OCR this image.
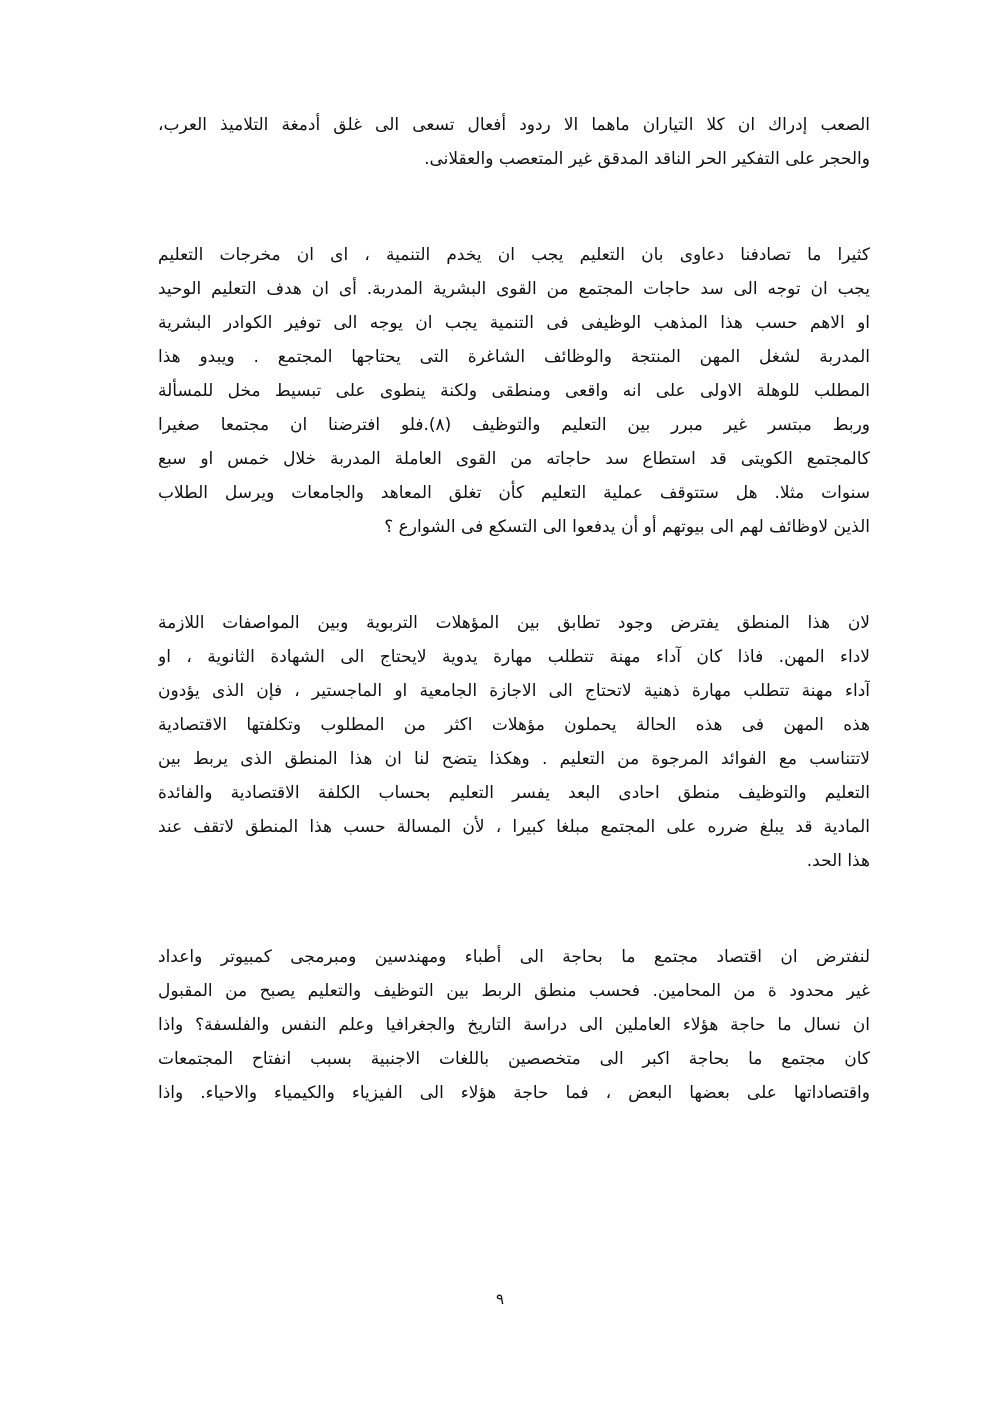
الصعب إدراك ان كلا التياران ماهما الا ردود أفعال تسعى الى غلق أدمغة التلاميذ العرب،
والحجر على التفكير الحر الناقد المدقق غير المتعصب والعقلانى.
كثيرا ما تصادفنا دعاوى بان التعليم يجب ان يخدم التنمية ، اى ان مخرجات التعليم
يجب ان توجه الى سد حاجات المجتمع من القوى البشرية المدربة. أى ان هدف التعليم الوحيد
او الاهم حسب هذا المذهب الوظيفى فى التنمية يجب ان يوجه الى توفير الكوادر البشرية
المدربة لشغل المهن المنتجة والوظائف الشاغرة التى يحتاجها المجتمع . ويبدو هذا
المطلب للوهلة الاولى على انه واقعى ومنطقى ولكنة ينطوى على تبسيط مخل للمسألة
وربط مبتسر غير مبرر بين التعليم والتوظيف (٨).فلو افترضنا ان مجتمعا صغيرا
كالمجتمع الكويتى قد استطاع سد حاجاته من القوى العاملة المدربة خلال خمس او سبع
سنوات مثلا. هل ستتوقف عملية التعليم كأن تغلق المعاهد والجامعات ويرسل الطلاب
الذين لاوظائف لهم الى بيوتهم أو أن يدفعوا الى التسكع فى الشوارع ؟
لان هذا المنطق يفترض وجود تطابق بين المؤهلات التربوية وبين المواصفات اللازمة
لاداء المهن. فاذا كان آداء مهنة تتطلب مهارة يدوية لايحتاج الى الشهادة الثانوية ، او
آداء مهنة تتطلب مهارة ذهنية لاتحتاج الى الاجازة الجامعية او الماجستير ، فإن الذى يؤدون
هذه المهن فى هذه الحالة يحملون مؤهلات اكثر من المطلوب وتكلفتها الاقتصادية
لاتتناسب مع الفوائد المرجوة من التعليم . وهكذا يتضح لنا ان هذا المنطق الذى يربط بين
التعليم والتوظيف منطق احادى البعد يفسر التعليم بحساب الكلفة الاقتصادية والفائدة
المادية قد يبلغ ضرره على المجتمع مبلغا كبيرا ، لأن المسالة حسب هذا المنطق لاتقف عند
هذا الحد.
لنفترض ان اقتصاد مجتمع ما بحاجة الى أطباء ومهندسين ومبرمجى كمبيوتر واعداد
غير محدود ة من المحامين. فحسب منطق الربط بين التوظيف والتعليم يصبح من المقبول
ان نسال ما حاجة هؤلاء العاملين الى دراسة التاريخ والجغرافيا وعلم النفس والفلسفة؟ واذا
كان مجتمع ما بحاجة اكبر الى متخصصين باللغات الاجنبية بسبب انفتاح المجتمعات
واقتصاداتها على بعضها البعض ، فما حاجة هؤلاء الى الفيزياء والكيمياء والاحياء. واذا
٩
